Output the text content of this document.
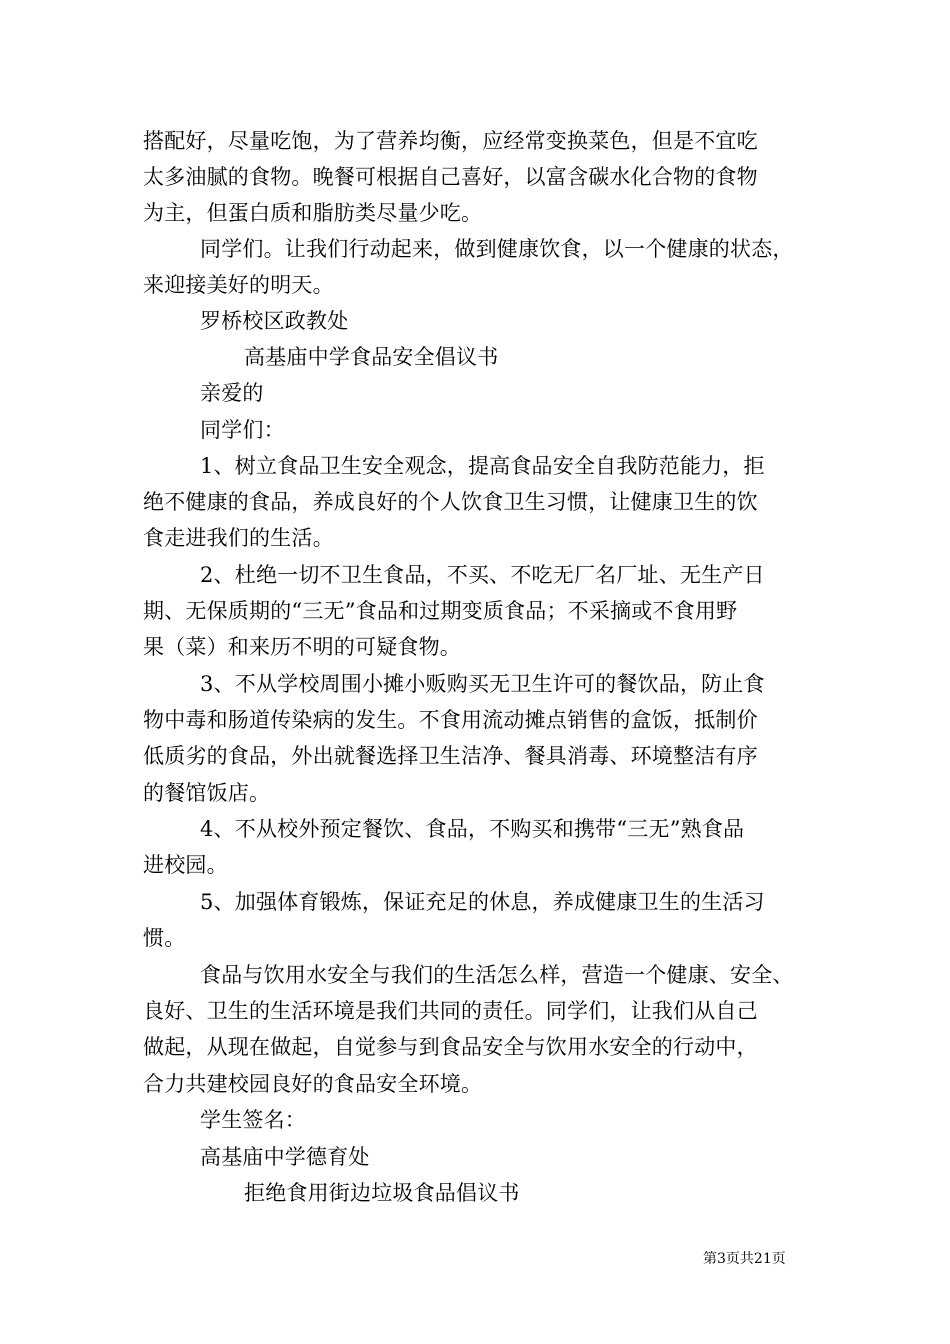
搭配好，尽量吃饱，为了营养均衡，应经常变换菜色，但是不宜吃

太多油腻的食物。晚餐可根据自己喜好，以富含碳水化合物的食物

为主，但蛋白质和脂肪类尽量少吃。

同学们。让我们行动起来，做到健康饮食，以一个健康的状态，

来迎接美好的明天。

罗桥校区政教处

高基庙中学食品安全倡议书

亲爱的

同学们：

1、树立食品卫生安全观念，提高食品安全自我防范能力，拒

绝不健康的食品，养成良好的个人饮食卫生习惯，让健康卫生的饮

食走进我们的生活。

2、杜绝一切不卫生食品，不买、不吃无厂名厂址、无生产日

期、无保质期的“三无”食品和过期变质食品；不采摘或不食用野

果（菜）和来历不明的可疑食物。

3、不从学校周围小摊小贩购买无卫生许可的餐饮品，防止食

物中毒和肠道传染病的发生。不食用流动摊点销售的盒饭，抵制价

低质劣的食品，外出就餐选择卫生洁净、餐具消毒、环境整洁有序

的餐馆饭店。

4、不从校外预定餐饮、食品，不购买和携带“三无”熟食品

进校园。

5、加强体育锻炼，保证充足的休息，养成健康卫生的生活习

惯。

食品与饮用水安全与我们的生活怎么样，营造一个健康、安全、

良好、卫生的生活环境是我们共同的责任。同学们，让我们从自己

做起，从现在做起，自觉参与到食品安全与饮用水安全的行动中，

合力共建校园良好的食品安全环境。

学生签名：

高基庙中学德育处

拒绝食用街边垃圾食品倡议书

第3页共21页
